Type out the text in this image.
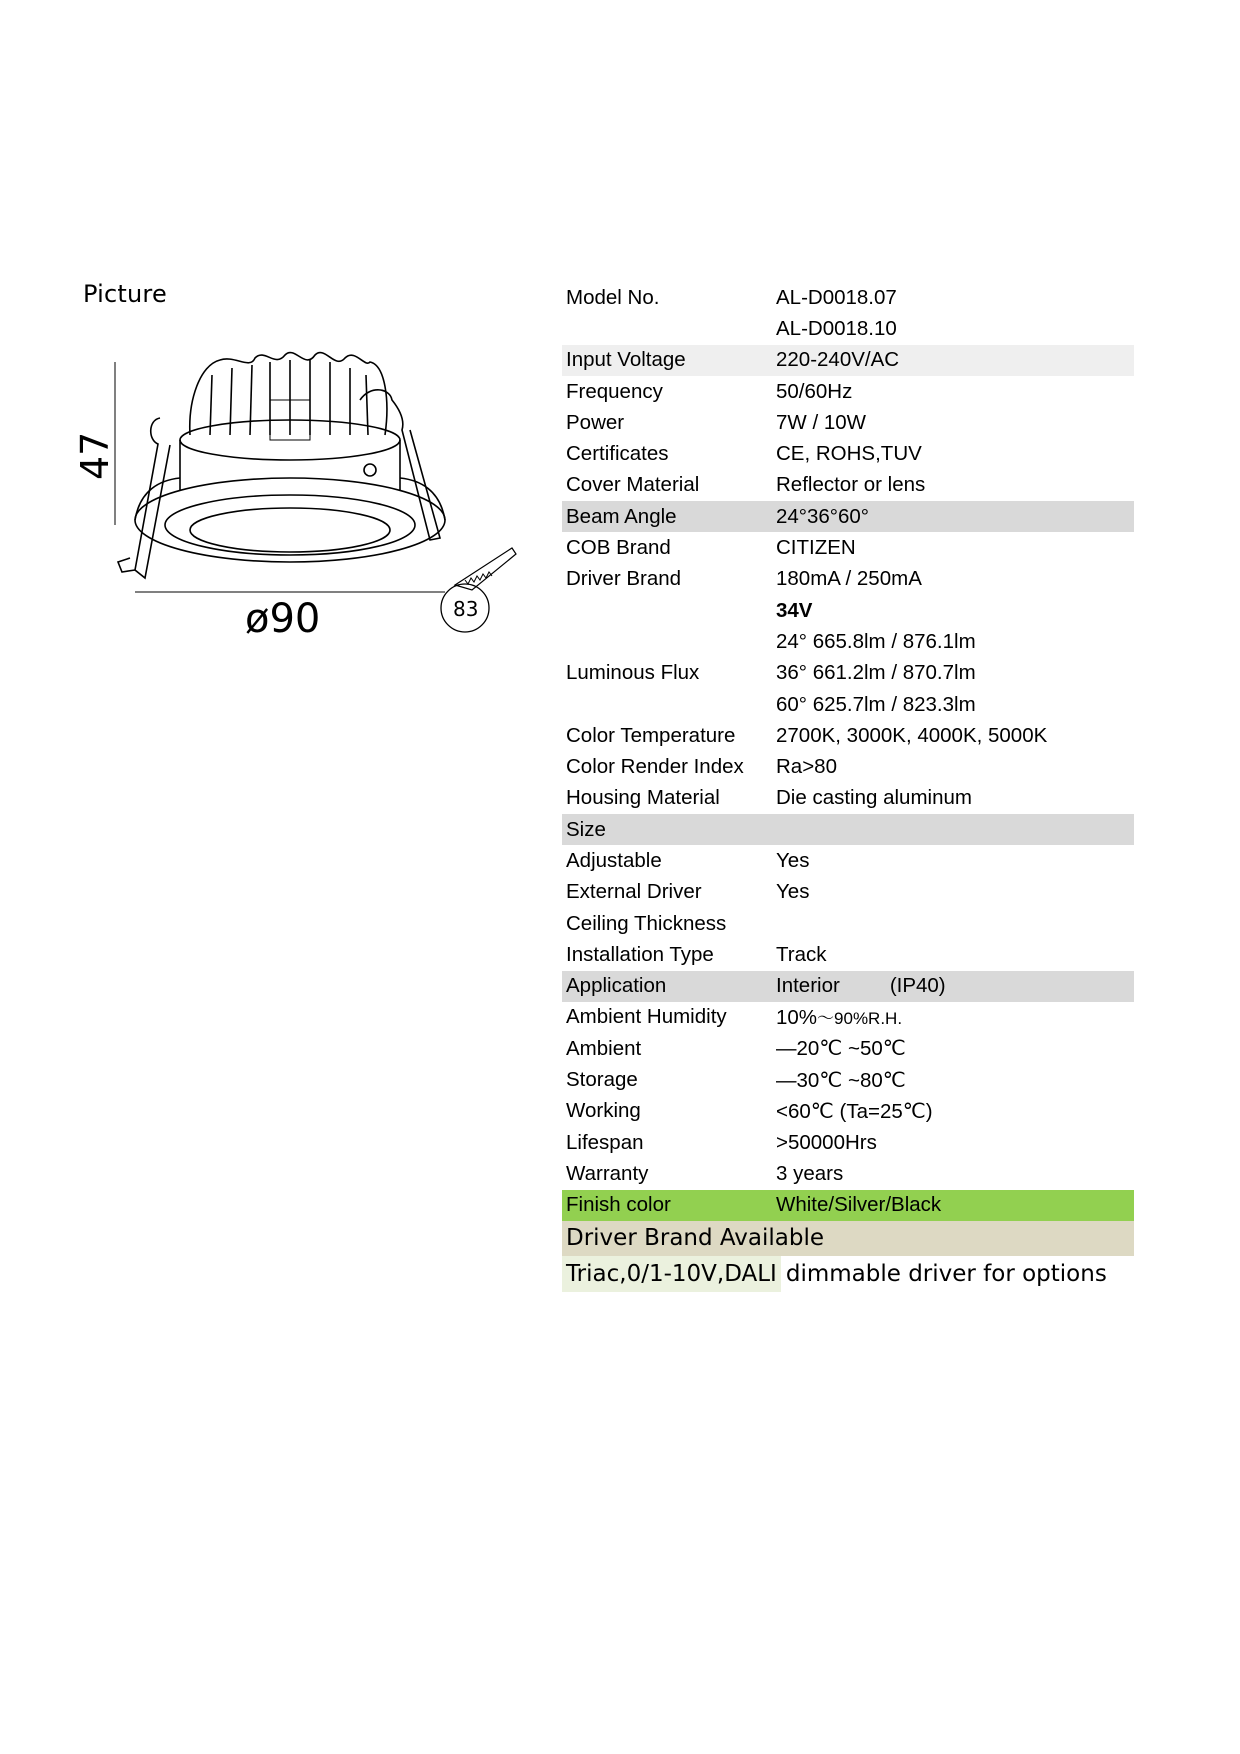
Picture
47
ø90	83
Model No.	AL-D0018.07
AL-D0018.10
Input Voltage	220-240V/AC
Frequency	50/60Hz
Power	7W / 10W
Certificates	CE, ROHS,TUV
Cover Material	Reflector or lens
Beam Angle	24°36°60°
COB Brand	CITIZEN
Driver Brand	180mA / 250mA
34V
24° 665.8lm / 876.1lm
Luminous Flux	36° 661.2lm / 870.7lm
60° 625.7lm / 823.3lm
Color Temperature	2700K, 3000K, 4000K, 5000K
Color Render Index	Ra>80
Housing Material	Die casting aluminum
Size
Adjustable	Yes
External Driver	Yes
Ceiling Thickness
Installation Type	Track
Application	Interior (IP40)
Ambient Humidity	10%～90%R.H.
Ambient	—20℃ ~50℃
Storage	—30℃ ~80℃
Working	<60℃ (Ta=25℃)
Lifespan	>50000Hrs
Warranty	3 years
Finish color	White/Silver/Black
Driver Brand Available
Triac,0/1-10V,DALI dimmable driver for options
